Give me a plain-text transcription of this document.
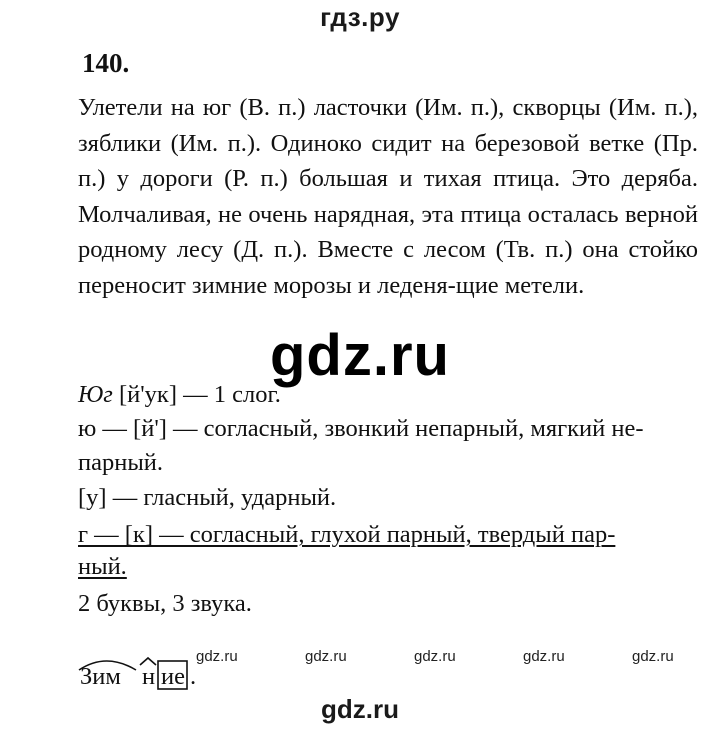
гдз.ру
140.

Улетели на юг (В. п.) ласточки (Им. п.), скворцы (Им. п.), зяблики (Им. п.). Одиноко сидит на березовой ветке (Пр. п.) у дороги (Р. п.) большая и тихая птица. Это деряба. Молчаливая, не очень нарядная, эта птица осталась верной родному лесу (Д. п.). Вместе с лесом (Тв. п.) она стойко переносит зимние морозы и леденя-щие метели.

gdz.ru

Юг [й'ук] — 1 слог.

ю — [й'] — согласный, звонкий непарный, мягкий не-

парный.

[у] — гласный, ударный.

г — [к] — согласный, глухой парный, твердый пар-

ный.

2 буквы, 3 звука.

gdz.ru	gdz.ru	gdz.ru	gdz.ru	gdz.ru
Зим н ие .
gdz.ru
